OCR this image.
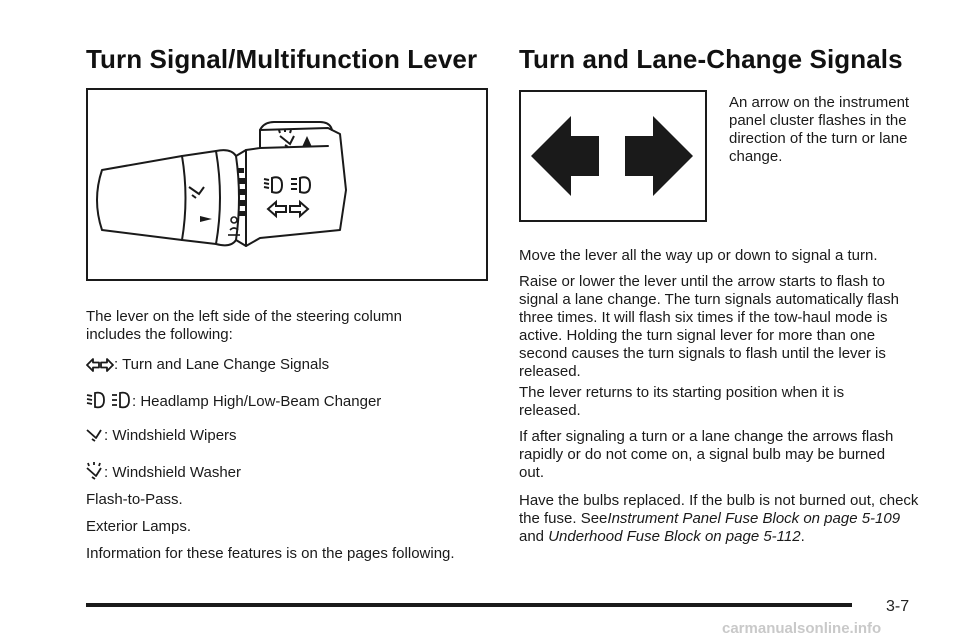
Turn Signal/Multifunction Lever

The lever on the left side of the steering column includes the following:

: Turn and Lane Change Signals
: Headlamp High/Low-Beam Changer
: Windshield Wipers
: Windshield Washer

Flash-to-Pass.

Exterior Lamps.

Information for these features is on the pages following.

Turn and Lane-Change Signals

An arrow on the instrument panel cluster flashes in the direction of the turn or lane change.

Move the lever all the way up or down to signal a turn.

Raise or lower the lever until the arrow starts to flash to signal a lane change. The turn signals automatically flash three times. It will flash six times if the tow-haul mode is active. Holding the turn signal lever for more than one second causes the turn signals to flash until the lever is released.

The lever returns to its starting position when it is released.

If after signaling a turn or a lane change the arrows flash rapidly or do not come on, a signal bulb may be burned out.

Have the bulbs replaced. If the bulb is not burned out, check the fuse. SeeInstrument Panel Fuse Block on page 5-109 and Underhood Fuse Block on page 5-112.

3-7
carmanualsonline.info
